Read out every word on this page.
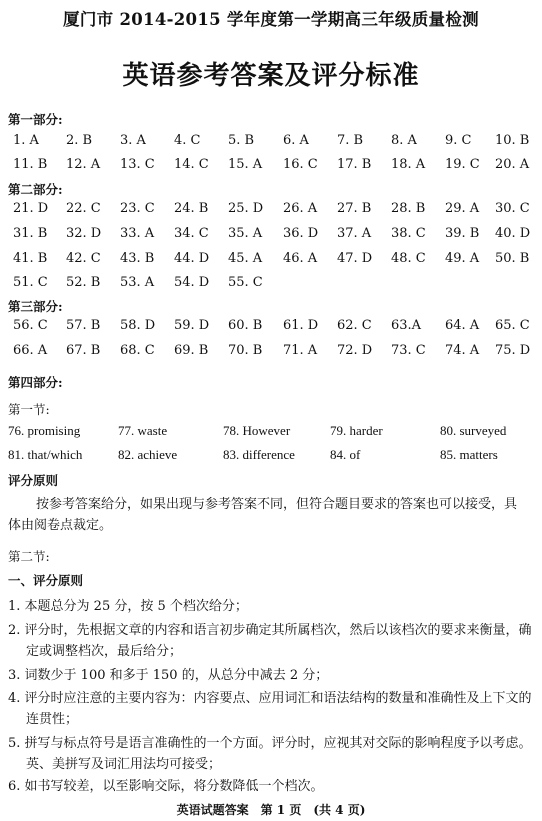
厦门市 2014-2015 学年度第一学期高三年级质量检测
英语参考答案及评分标准
第一部分:
1. A 2. B 3. A 4. C 5. B 6. A 7. B 8. A 9. C 10. B
11. B 12. A 13. C 14. C 15. A 16. C 17. B 18. A 19. C 20. A
第二部分:
21. D 22. C 23. C 24. B 25. D 26. A 27. B 28. B 29. A 30. C
31. B 32. D 33. A 34. C 35. A 36. D 37. A 38. C 39. B 40. D
41. B 42. C 43. B 44. D 45. A 46. A 47. D 48. C 49. A 50. B
51. C 52. B 53. A 54. D 55. C
第三部分:
56. C 57. B 58. D 59. D 60. B 61. D 62. C 63.A 64. A 65. C
66. A 67. B 68. C 69. B 70. B 71. A 72. D 73. C 74. A 75. D
第四部分:
第一节:
76. promising	77. waste	78. However	79. harder	80. surveyed
81. that/which	82. achieve	83. difference	84. of	85. matters
评分原则
按参考答案给分，如果出现与参考答案不同，但符合题目要求的答案也可以接受，具
体由阅卷点裁定。
第二节:
一、评分原则
1. 本题总分为 25 分，按 5 个档次给分；
2. 评分时，先根据文章的内容和语言初步确定其所属档次，然后以该档次的要求来衡量，确
定或调整档次，最后给分；
3. 词数少于 100 和多于 150 的，从总分中减去 2 分；
4. 评分时应注意的主要内容为：内容要点、应用词汇和语法结构的数量和准确性及上下文的
连贯性；
5. 拼写与标点符号是语言准确性的一个方面。评分时，应视其对交际的影响程度予以考虑。
英、美拼写及词汇用法均可接受；
6. 如书写较差，以至影响交际，将分数降低一个档次。
英语试题答案　第 1 页　(共 4 页)
